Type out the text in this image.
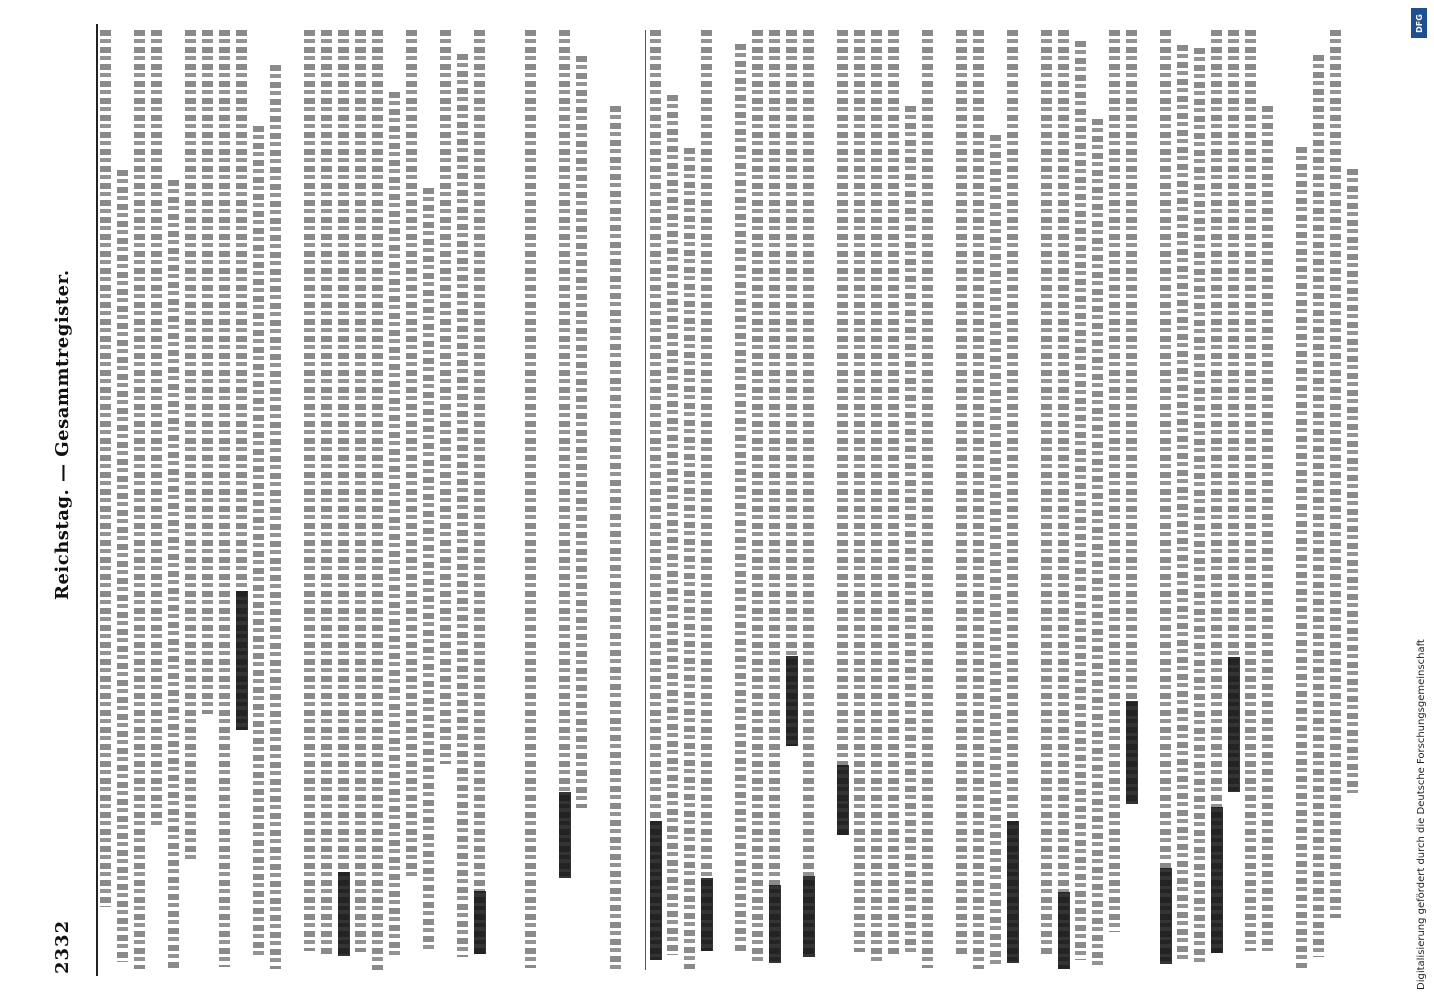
2332
Reichstag. — Gesammtregister.
DFG
Digitalisierung gefördert durch die Deutsche Forschungsgemeinschaft
